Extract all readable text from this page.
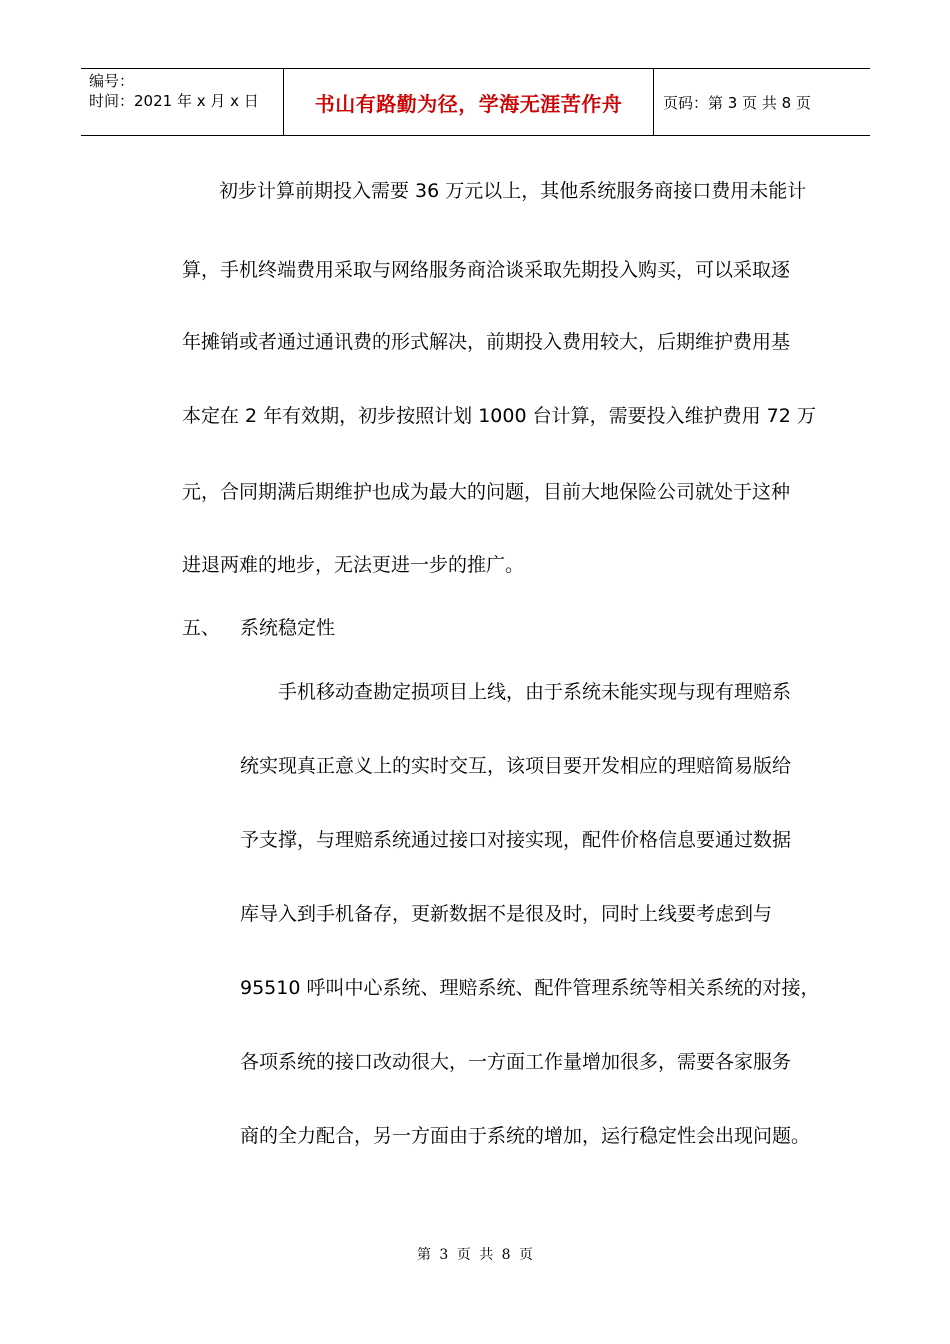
编号：
时间：2021 年 x 月 x 日	书山有路勤为径，学海无涯苦作舟	页码：第 3 页 共 8 页
初步计算前期投入需要 36 万元以上，其他系统服务商接口费用未能计
算，手机终端费用采取与网络服务商洽谈采取先期投入购买，可以采取逐
年摊销或者通过通讯费的形式解决，前期投入费用较大，后期维护费用基
本定在 2 年有效期，初步按照计划 1000 台计算，需要投入维护费用 72 万
元，合同期满后期维护也成为最大的问题，目前大地保险公司就处于这种
进退两难的地步，无法更进一步的推广。
五、 系统稳定性
手机移动查勘定损项目上线，由于系统未能实现与现有理赔系
统实现真正意义上的实时交互，该项目要开发相应的理赔简易版给
予支撑，与理赔系统通过接口对接实现，配件价格信息要通过数据
库导入到手机备存，更新数据不是很及时，同时上线要考虑到与
95510 呼叫中心系统、理赔系统、配件管理系统等相关系统的对接，
各项系统的接口改动很大，一方面工作量增加很多，需要各家服务
商的全力配合，另一方面由于系统的增加，运行稳定性会出现问题。
第 3 页 共 8 页
